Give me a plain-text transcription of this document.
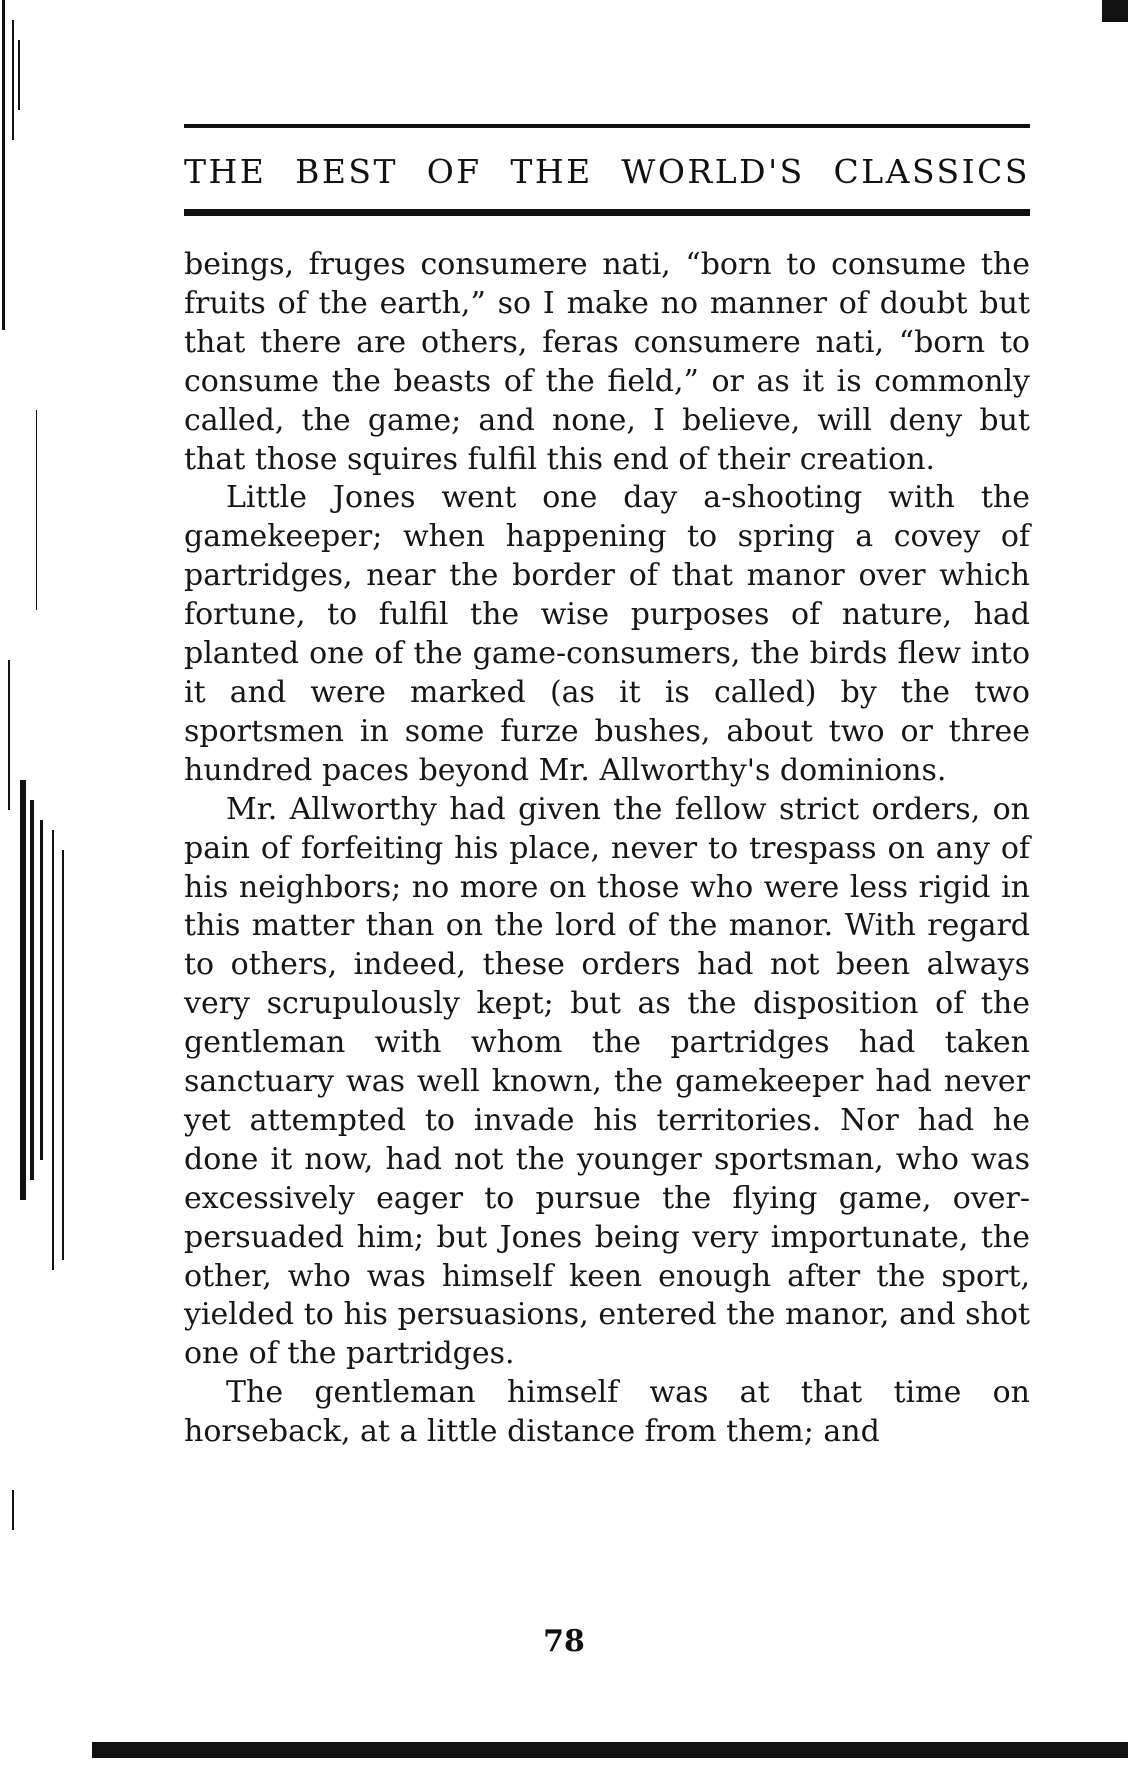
THE BEST OF THE WORLD'S CLASSICS

beings, fruges consumere nati, “born to consume the fruits of the earth,” so I make no manner of doubt but that there are others, feras consumere nati, “born to consume the beasts of the field,” or as it is commonly called, the game; and none, I believe, will deny but that those squires fulfil this end of their creation.

Little Jones went one day a-shooting with the gamekeeper; when happening to spring a covey of partridges, near the border of that manor over which fortune, to fulfil the wise purposes of nature, had planted one of the game-consumers, the birds flew into it and were marked (as it is called) by the two sportsmen in some furze bushes, about two or three hundred paces beyond Mr. Allworthy's dominions.

Mr. Allworthy had given the fellow strict orders, on pain of forfeiting his place, never to trespass on any of his neighbors; no more on those who were less rigid in this matter than on the lord of the manor. With regard to others, indeed, these orders had not been always very scrupulously kept; but as the disposition of the gentleman with whom the partridges had taken sanctuary was well known, the gamekeeper had never yet attempted to invade his territories. Nor had he done it now, had not the younger sportsman, who was excessively eager to pursue the flying game, over-persuaded him; but Jones being very importunate, the other, who was himself keen enough after the sport, yielded to his persuasions, entered the manor, and shot one of the partridges.

The gentleman himself was at that time on horseback, at a little distance from them; and

78
